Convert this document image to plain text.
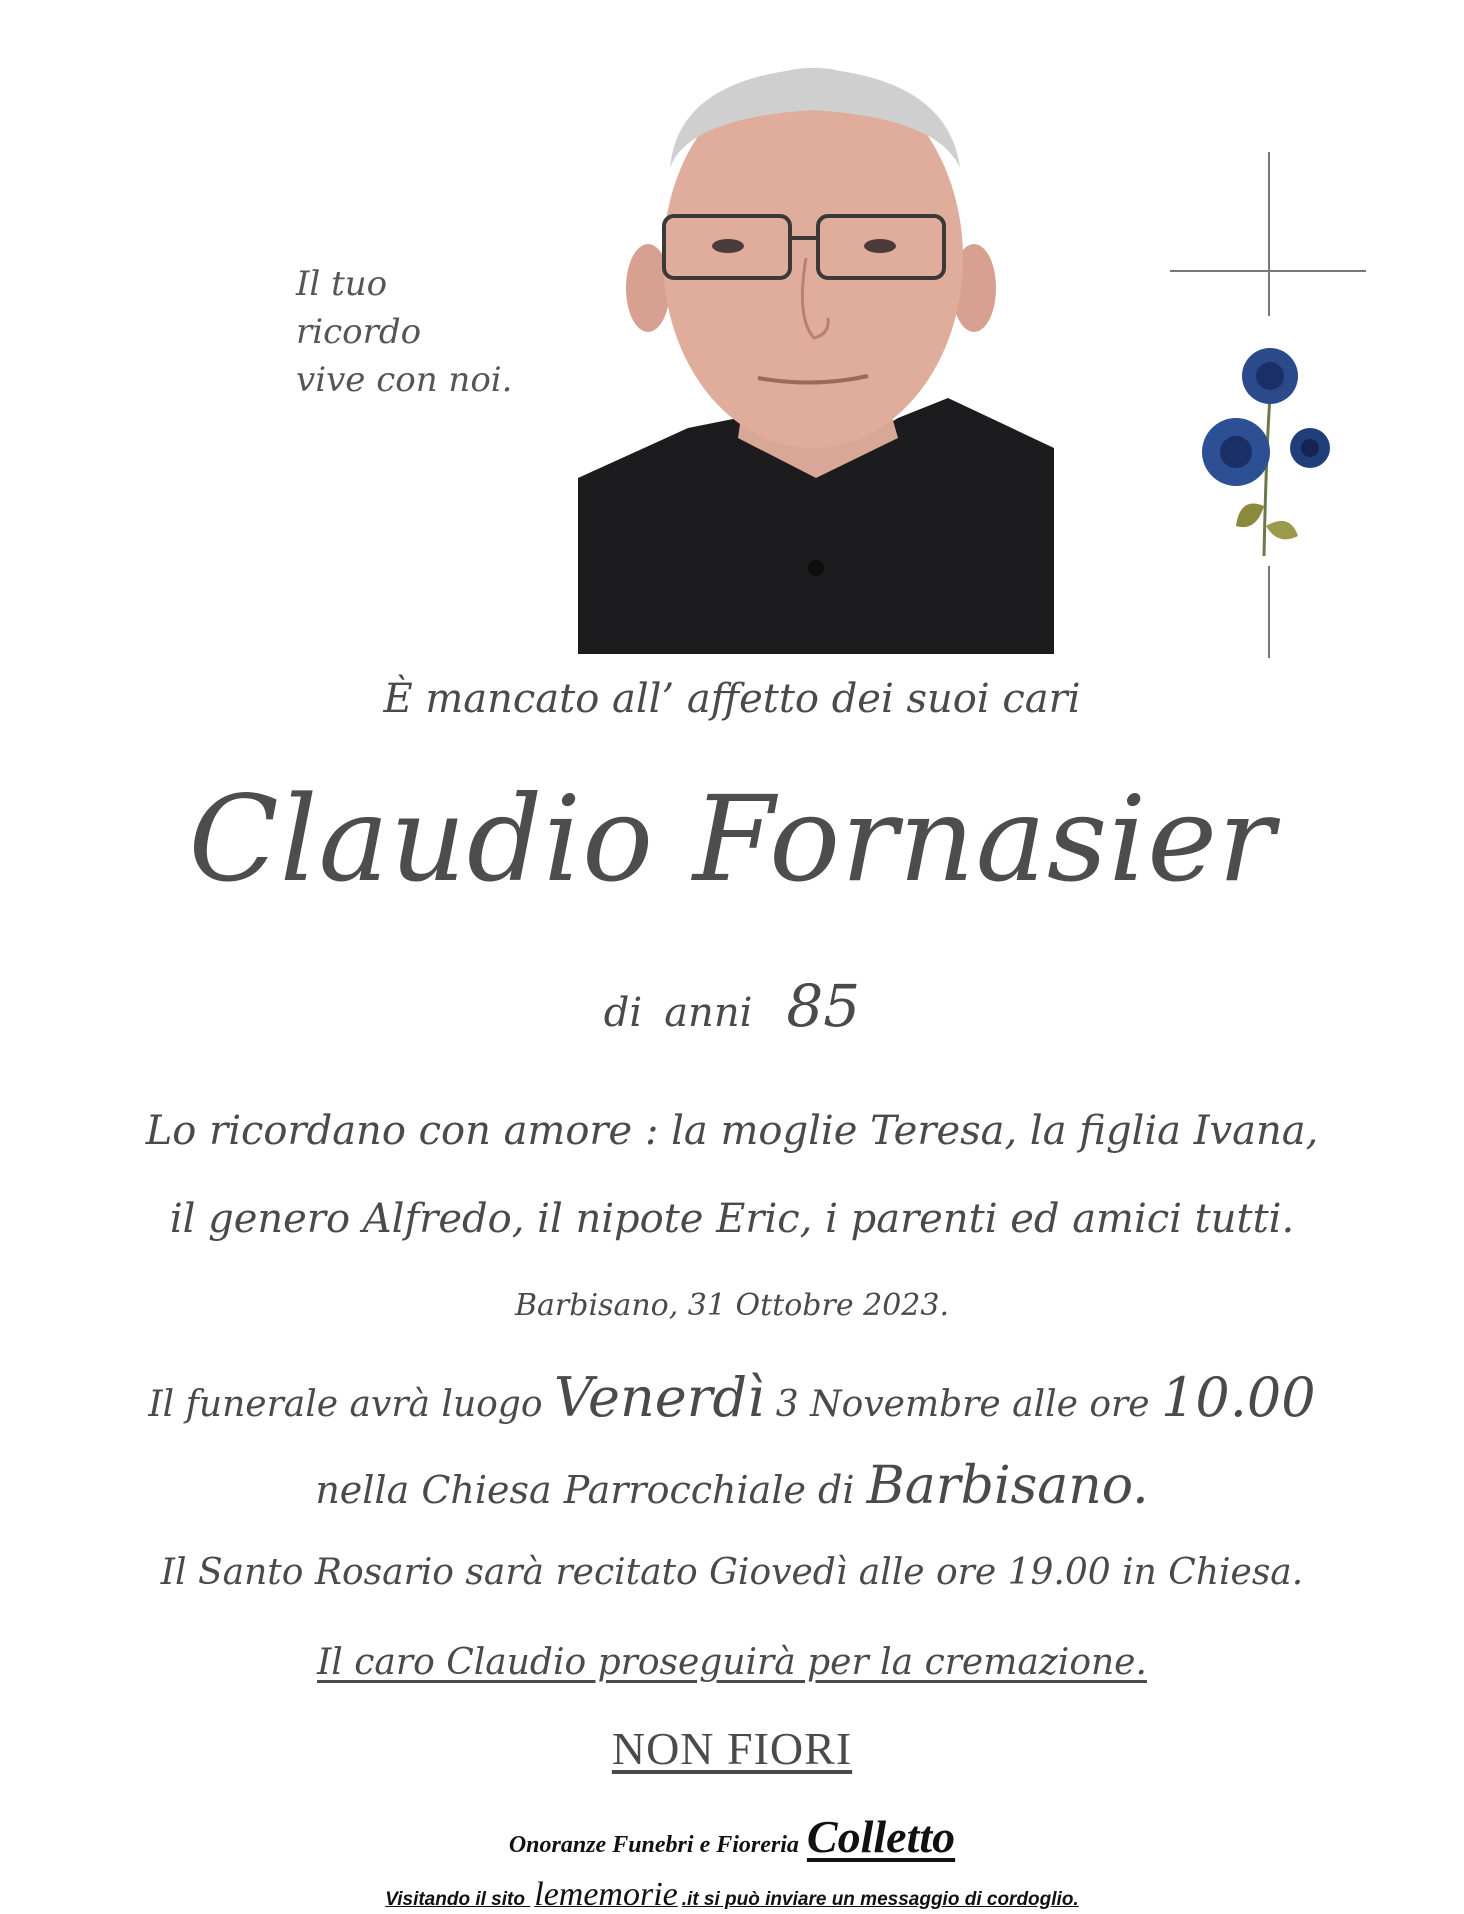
Il tuo ricordo
vive con noi.
È mancato all’ affetto dei suoi cari
Claudio Fornasier
di anni 85
Lo ricordano con amore : la moglie Teresa, la figlia Ivana,
il genero Alfredo, il nipote Eric, i parenti ed amici tutti.
Barbisano, 31 Ottobre 2023.
Il funerale avrà luogo Venerdì 3 Novembre alle ore 10.00
nella Chiesa Parrocchiale di Barbisano.
Il Santo Rosario sarà recitato Giovedì alle ore 19.00 in Chiesa.
Il caro Claudio proseguirà per la cremazione.
NON FIORI
Onoranze Funebri e Fioreria Colletto
Visitando il sito lememorie .it si può inviare un messaggio di cordoglio.
